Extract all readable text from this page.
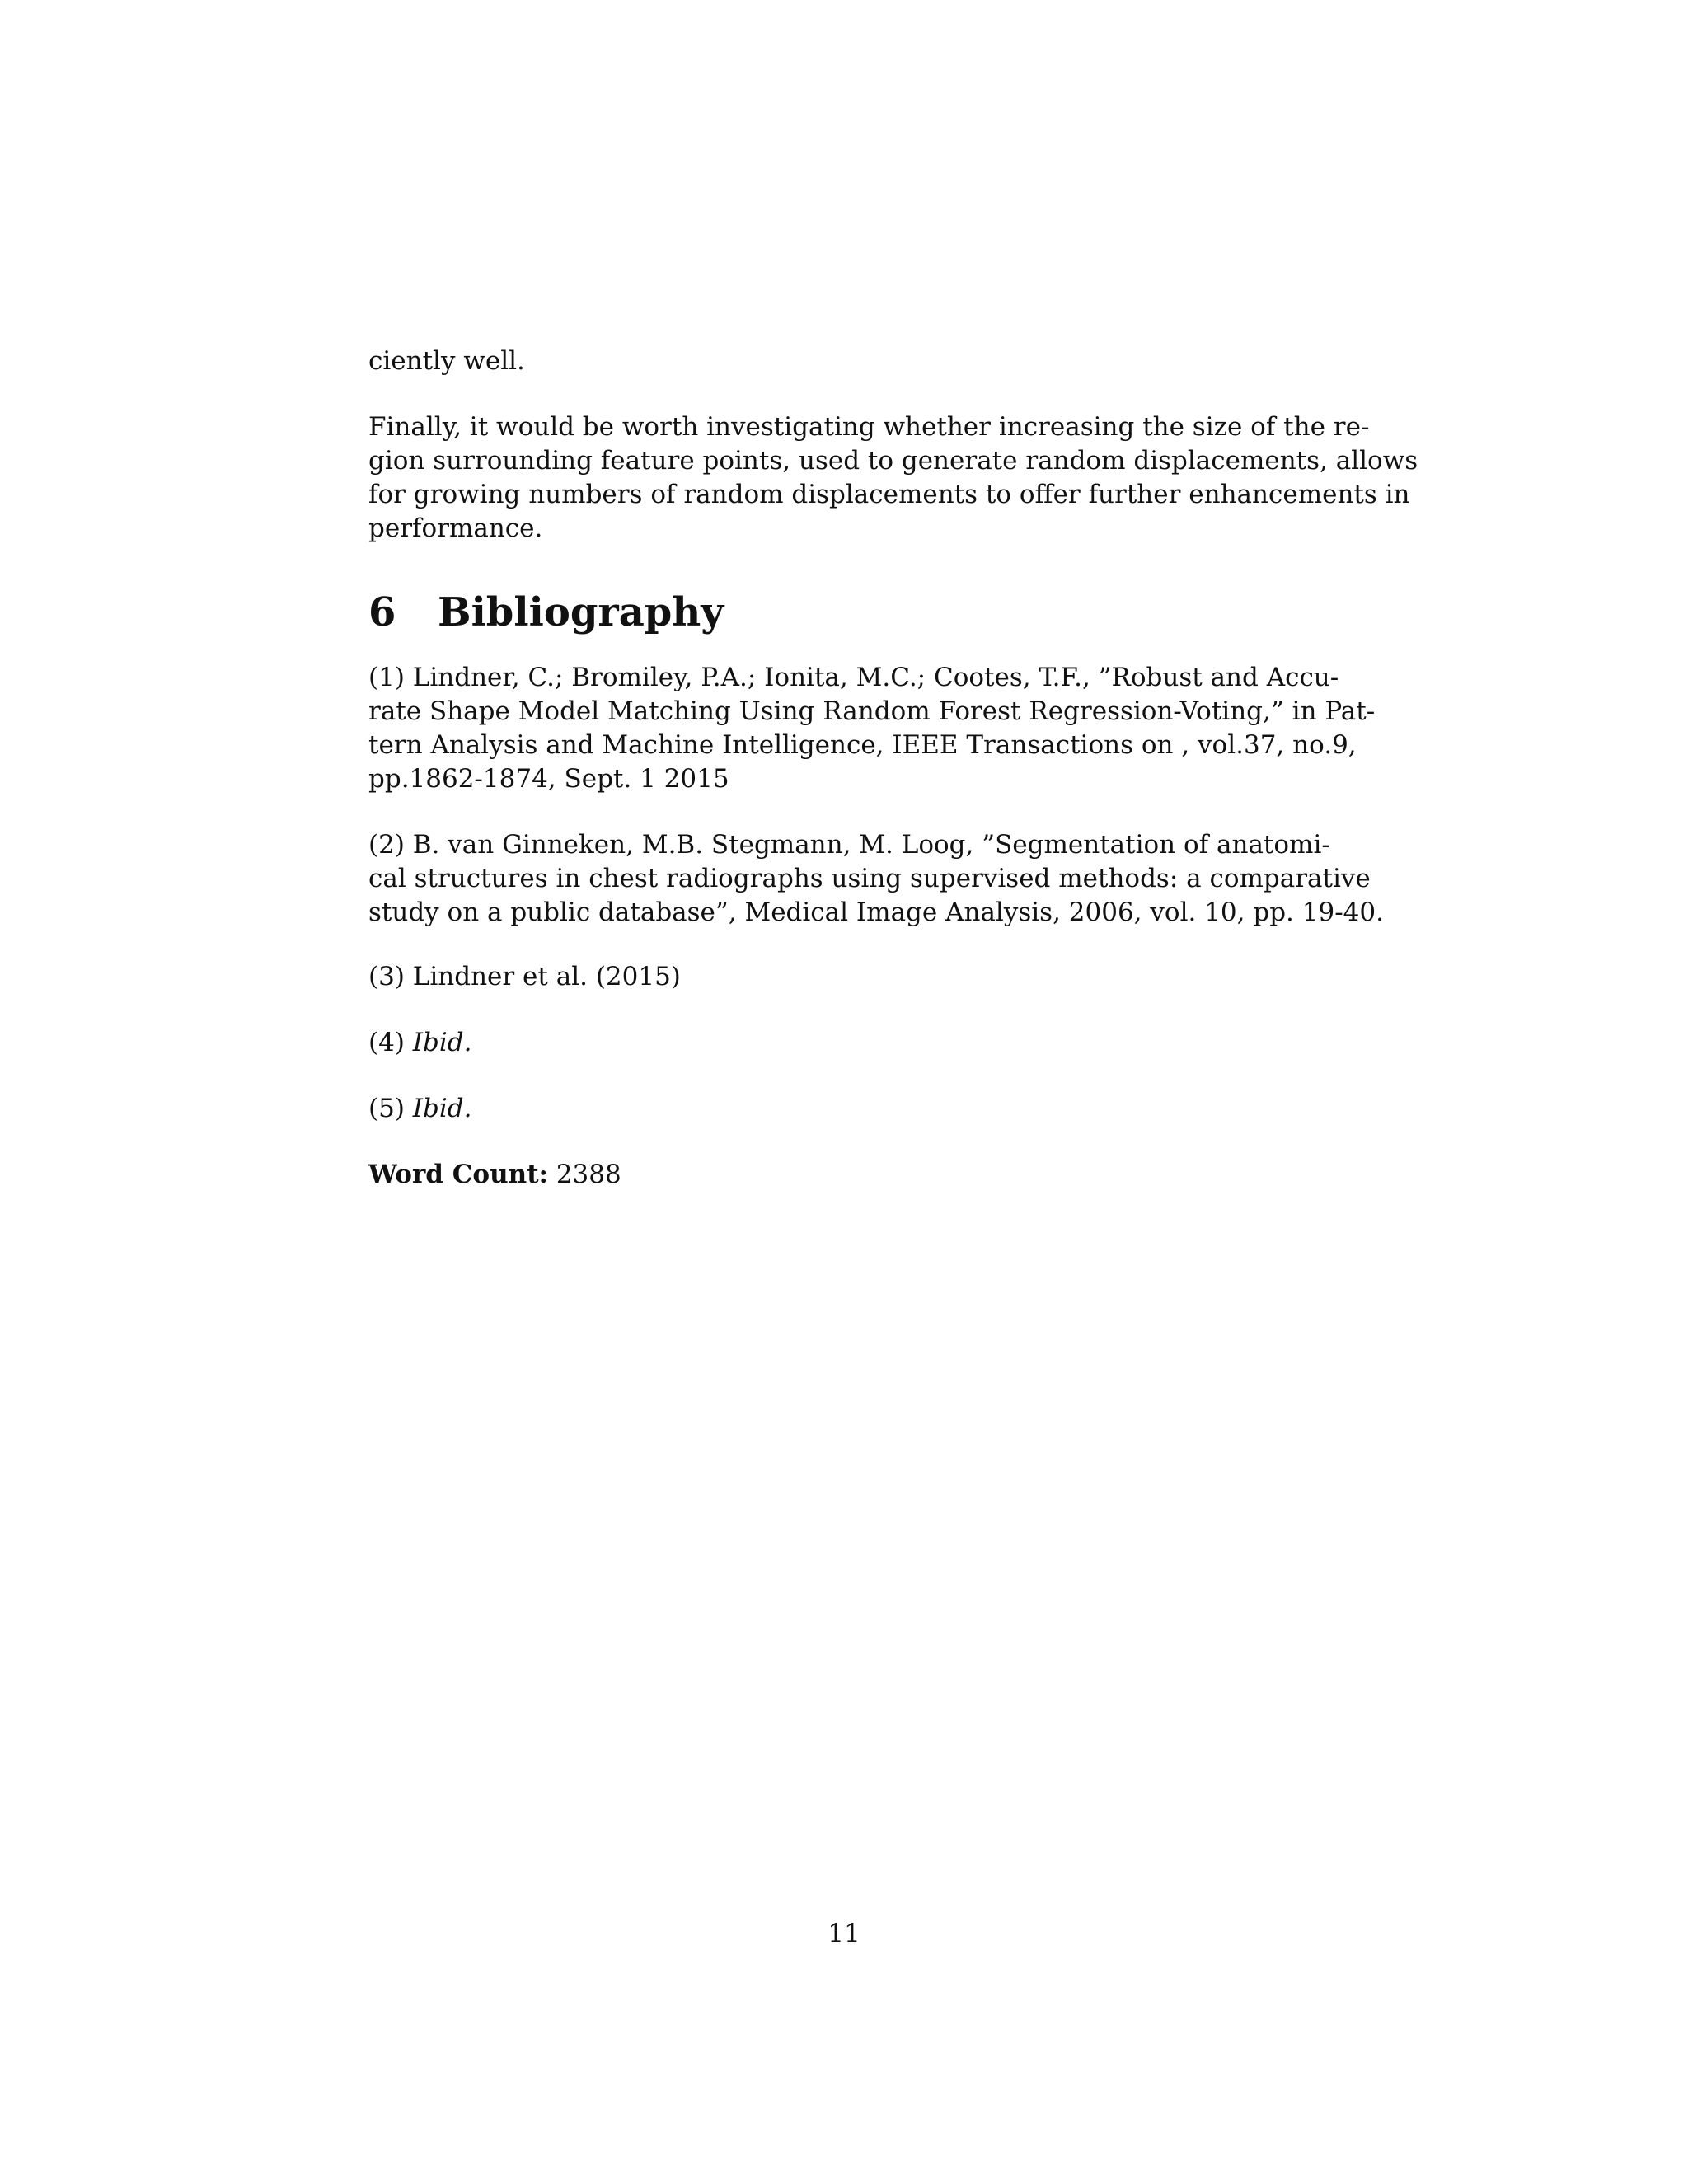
ciently well.

Finally, it would be worth investigating whether increasing the size of the re-
gion surrounding feature points, used to generate random displacements, allows
for growing numbers of random displacements to offer further enhancements in
performance.

6 Bibliography

(1) Lindner, C.; Bromiley, P.A.; Ionita, M.C.; Cootes, T.F., ”Robust and Accu-
rate Shape Model Matching Using Random Forest Regression-Voting,” in Pat-
tern Analysis and Machine Intelligence, IEEE Transactions on , vol.37, no.9,
pp.1862-1874, Sept. 1 2015

(2) B. van Ginneken, M.B. Stegmann, M. Loog, ”Segmentation of anatomi-
cal structures in chest radiographs using supervised methods: a comparative
study on a public database”, Medical Image Analysis, 2006, vol. 10, pp. 19-40.

(3) Lindner et al. (2015)

(4) Ibid.

(5) Ibid.

Word Count: 2388

11
